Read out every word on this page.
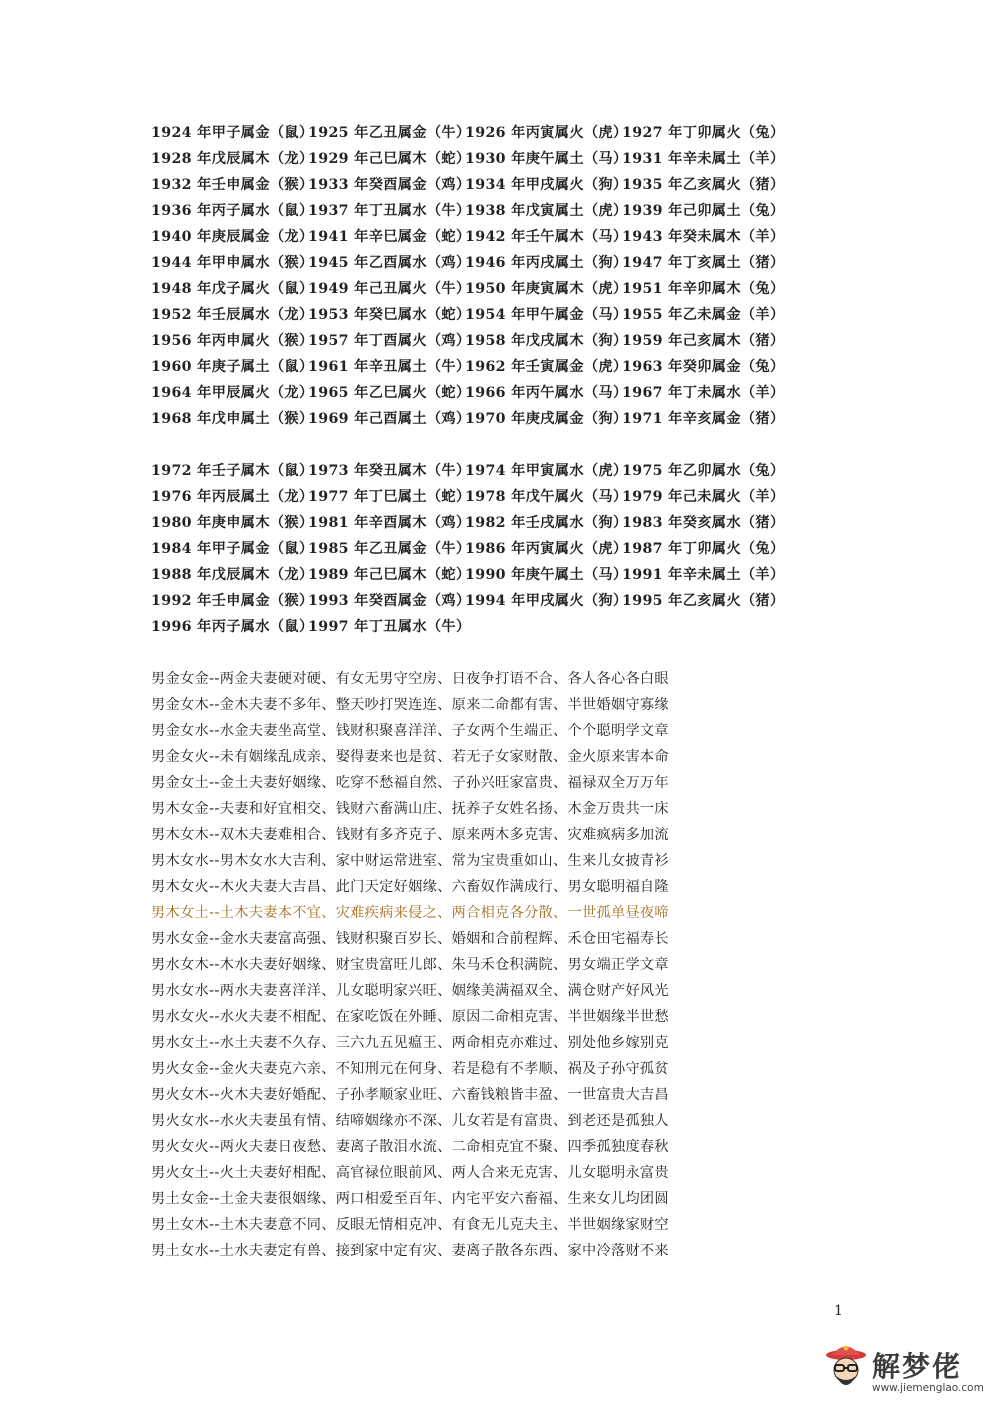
1924 年甲子属金（鼠）1925 年乙丑属金（牛）1926 年丙寅属火（虎）1927 年丁卯属火（兔）
1928 年戊辰属木（龙）1929 年己巳属木（蛇）1930 年庚午属土（马）1931 年辛未属土（羊）
1932 年壬申属金（猴）1933 年癸酉属金（鸡）1934 年甲戌属火（狗）1935 年乙亥属火（猪）
1936 年丙子属水（鼠）1937 年丁丑属水（牛）1938 年戊寅属土（虎）1939 年己卯属土（兔）
1940 年庚辰属金（龙）1941 年辛巳属金（蛇）1942 年壬午属木（马）1943 年癸未属木（羊）
1944 年甲申属水（猴）1945 年乙酉属水（鸡）1946 年丙戌属土（狗）1947 年丁亥属土（猪）
1948 年戊子属火（鼠）1949 年己丑属火（牛）1950 年庚寅属木（虎）1951 年辛卯属木（兔）
1952 年壬辰属水（龙）1953 年癸巳属水（蛇）1954 年甲午属金（马）1955 年乙未属金（羊）
1956 年丙申属火（猴）1957 年丁酉属火（鸡）1958 年戊戌属木（狗）1959 年己亥属木（猪）
1960 年庚子属土（鼠）1961 年辛丑属土（牛）1962 年壬寅属金（虎）1963 年癸卯属金（兔）
1964 年甲辰属火（龙）1965 年乙巳属火（蛇）1966 年丙午属水（马）1967 年丁未属水（羊）
1968 年戊申属土（猴）1969 年己酉属土（鸡）1970 年庚戌属金（狗）1971 年辛亥属金（猪）
1972 年壬子属木（鼠）1973 年癸丑属木（牛）1974 年甲寅属水（虎）1975 年乙卯属水（兔）
1976 年丙辰属土（龙）1977 年丁巳属土（蛇）1978 年戊午属火（马）1979 年己未属火（羊）
1980 年庚申属木（猴）1981 年辛酉属木（鸡）1982 年壬戌属水（狗）1983 年癸亥属水（猪）
1984 年甲子属金（鼠）1985 年乙丑属金（牛）1986 年丙寅属火（虎）1987 年丁卯属火（兔）
1988 年戊辰属木（龙）1989 年己巳属木（蛇）1990 年庚午属土（马）1991 年辛未属土（羊）
1992 年壬申属金（猴）1993 年癸酉属金（鸡）1994 年甲戌属火（狗）1995 年乙亥属火（猪）
1996 年丙子属水（鼠）1997 年丁丑属水（牛）
男金女金--两金夫妻硬对硬、有女无男守空房、日夜争打语不合、各人各心各白眼
男金女木--金木夫妻不多年、整天吵打哭连连、原来二命都有害、半世婚姻守寡缘
男金女水--水金夫妻坐高堂、钱财积聚喜洋洋、子女两个生端正、个个聪明学文章
男金女火--未有姻缘乱成亲、娶得妻来也是贫、若无子女家财散、金火原来害本命
男金女土--金土夫妻好姻缘、吃穿不愁福自然、子孙兴旺家富贵、福禄双全万万年
男木女金--夫妻和好宜相交、钱财六畜满山庄、抚养子女姓名扬、木金万贵共一床
男木女木--双木夫妻难相合、钱财有多齐克子、原来两木多克害、灾难疯病多加流
男木女水--男木女水大吉利、家中财运常进室、常为宝贵重如山、生来儿女披青衫
男木女火--木火夫妻大吉昌、此门天定好姻缘、六畜奴作满成行、男女聪明福自隆
男木女土--土木夫妻本不宜、灾难疾病来侵之、两合相克各分散、一世孤单昼夜啼
男水女金--金水夫妻富高强、钱财积聚百岁长、婚姻和合前程辉、禾仓田宅福寿长
男水女木--木水夫妻好姻缘、财宝贵富旺儿郎、朱马禾仓积满院、男女端正学文章
男水女水--两水夫妻喜洋洋、儿女聪明家兴旺、姻缘美满福双全、满仓财产好风光
男水女火--水火夫妻不相配、在家吃饭在外睡、原因二命相克害、半世姻缘半世愁
男水女土--水土夫妻不久存、三六九五见瘟王、两命相克亦难过、别处他乡嫁别克
男火女金--金火夫妻克六亲、不知刑元在何身、若是稳有不孝顺、祸及子孙守孤贫
男火女木--火木夫妻好婚配、子孙孝顺家业旺、六畜钱粮皆丰盈、一世富贵大吉昌
男火女水--水火夫妻虽有情、结啼姻缘亦不深、儿女若是有富贵、到老还是孤独人
男火女火--两火夫妻日夜愁、妻离子散泪水流、二命相克宜不聚、四季孤独度春秋
男火女土--火土夫妻好相配、高官禄位眼前风、两人合来无克害、儿女聪明永富贵
男土女金--土金夫妻很姻缘、两口相爱至百年、内宅平安六畜福、生来女儿均团圆
男土女木--土木夫妻意不同、反眼无情相克冲、有食无儿克夫主、半世姻缘家财空
男土女水--土水夫妻定有兽、接到家中定有灾、妻离子散各东西、家中冷落财不来
1
解梦佬
www.jiemenglao.com
